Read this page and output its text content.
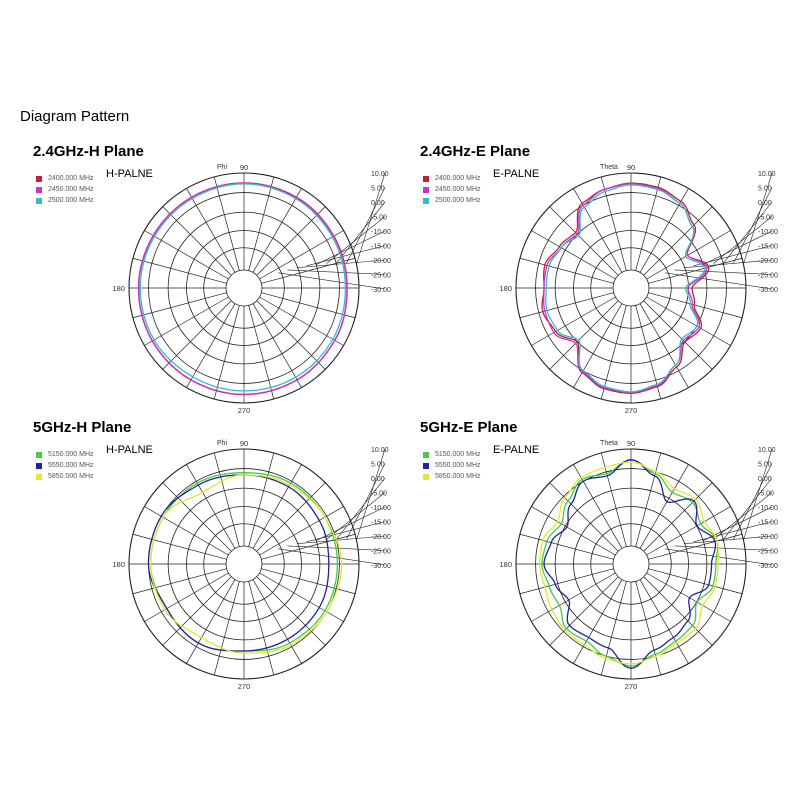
Diagram Pattern
2.4GHz-H Plane
H-PALNE
2400.000 MHz
2450.000 MHz
2500.000 MHz
10.00
5.00
0.00
-5.00
-10.00
-15.00
-20.00
-25.00
-30.00
90
180
270
Phi
2.4GHz-E Plane
E-PALNE
2400.000 MHz
2450.000 MHz
2500.000 MHz
10.00
5.00
0.00
-5.00
-10.00
-15.00
-20.00
-25.00
-30.00
90
180
270
Theta
5GHz-H Plane
H-PALNE
5150.000 MHz
5550.000 MHz
5850.000 MHz
10.00
5.00
0.00
-5.00
-10.00
-15.00
-20.00
-25.00
-30.00
90
180
270
Phi
5GHz-E Plane
E-PALNE
5150.000 MHz
5550.000 MHz
5850.000 MHz
10.00
5.00
0.00
-5.00
-10.00
-15.00
-20.00
-25.00
-30.00
90
180
270
Theta
